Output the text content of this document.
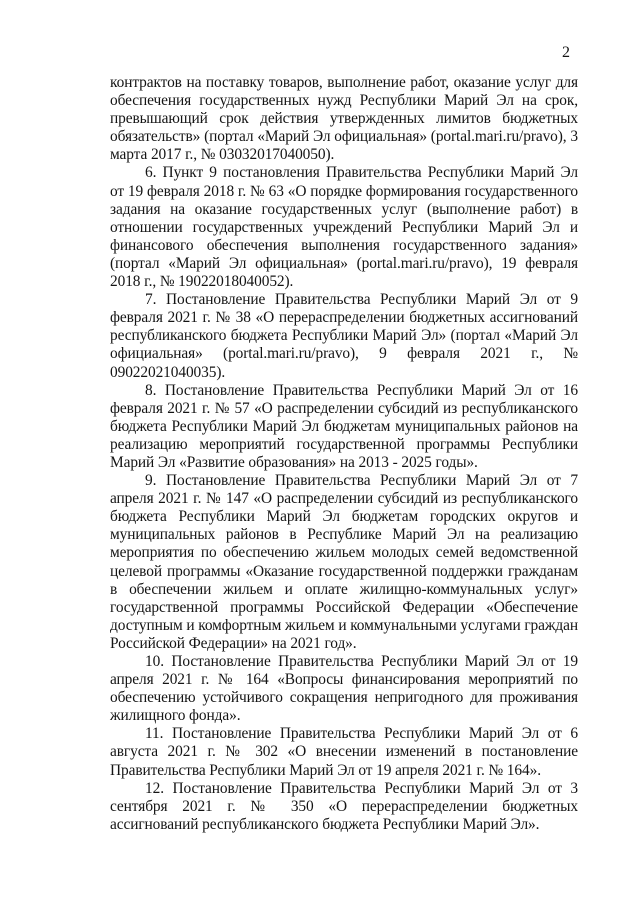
2

контрактов на поставку товаров, выполнение работ, оказание услуг для обеспечения государственных нужд Республики Марий Эл на срок, превышающий срок действия утвержденных лимитов бюджетных обязательств» (портал «Марий Эл официальная» (portal.mari.ru/pravo), 3 марта 2017 г., № 03032017040050).

6. Пункт 9 постановления Правительства Республики Марий Эл от 19 февраля 2018 г. № 63 «О порядке формирования государственного задания на оказание государственных услуг (выполнение работ) в отношении государственных учреждений Республики Марий Эл и финансового обеспечения выполнения государственного задания» (портал «Марий Эл официальная» (portal.mari.ru/pravo), 19 февраля 2018 г., № 19022018040052).

7. Постановление Правительства Республики Марий Эл от 9 февраля 2021 г. № 38 «О перераспределении бюджетных ассигнований республиканского бюджета Республики Марий Эл» (портал «Марий Эл официальная» (portal.mari.ru/pravo), 9 февраля 2021 г., № 09022021040035).

8. Постановление Правительства Республики Марий Эл от 16 февраля 2021 г. № 57 «О распределении субсидий из республиканского бюджета Республики Марий Эл бюджетам муниципальных районов на реализацию мероприятий государственной программы Республики Марий Эл «Развитие образования» на 2013 - 2025 годы».

9. Постановление Правительства Республики Марий Эл от 7 апреля 2021 г. № 147 «О распределении субсидий из республиканского бюджета Республики Марий Эл бюджетам городских округов и муниципальных районов в Республике Марий Эл на реализацию мероприятия по обеспечению жильем молодых семей ведомственной целевой программы «Оказание государственной поддержки гражданам в обеспечении жильем и оплате жилищно-коммунальных услуг» государственной программы Российской Федерации «Обеспечение доступным и комфортным жильем и коммунальными услугами граждан Российской Федерации» на 2021 год».

10. Постановление Правительства Республики Марий Эл от 19 апреля 2021 г. № 164 «Вопросы финансирования мероприятий по обеспечению устойчивого сокращения непригодного для проживания жилищного фонда».

11. Постановление Правительства Республики Марий Эл от 6 августа 2021 г. № 302 «О внесении изменений в постановление Правительства Республики Марий Эл от 19 апреля 2021 г. № 164».

12. Постановление Правительства Республики Марий Эл от 3 сентября 2021 г. № 350 «О перераспределении бюджетных ассигнований республиканского бюджета Республики Марий Эл».
